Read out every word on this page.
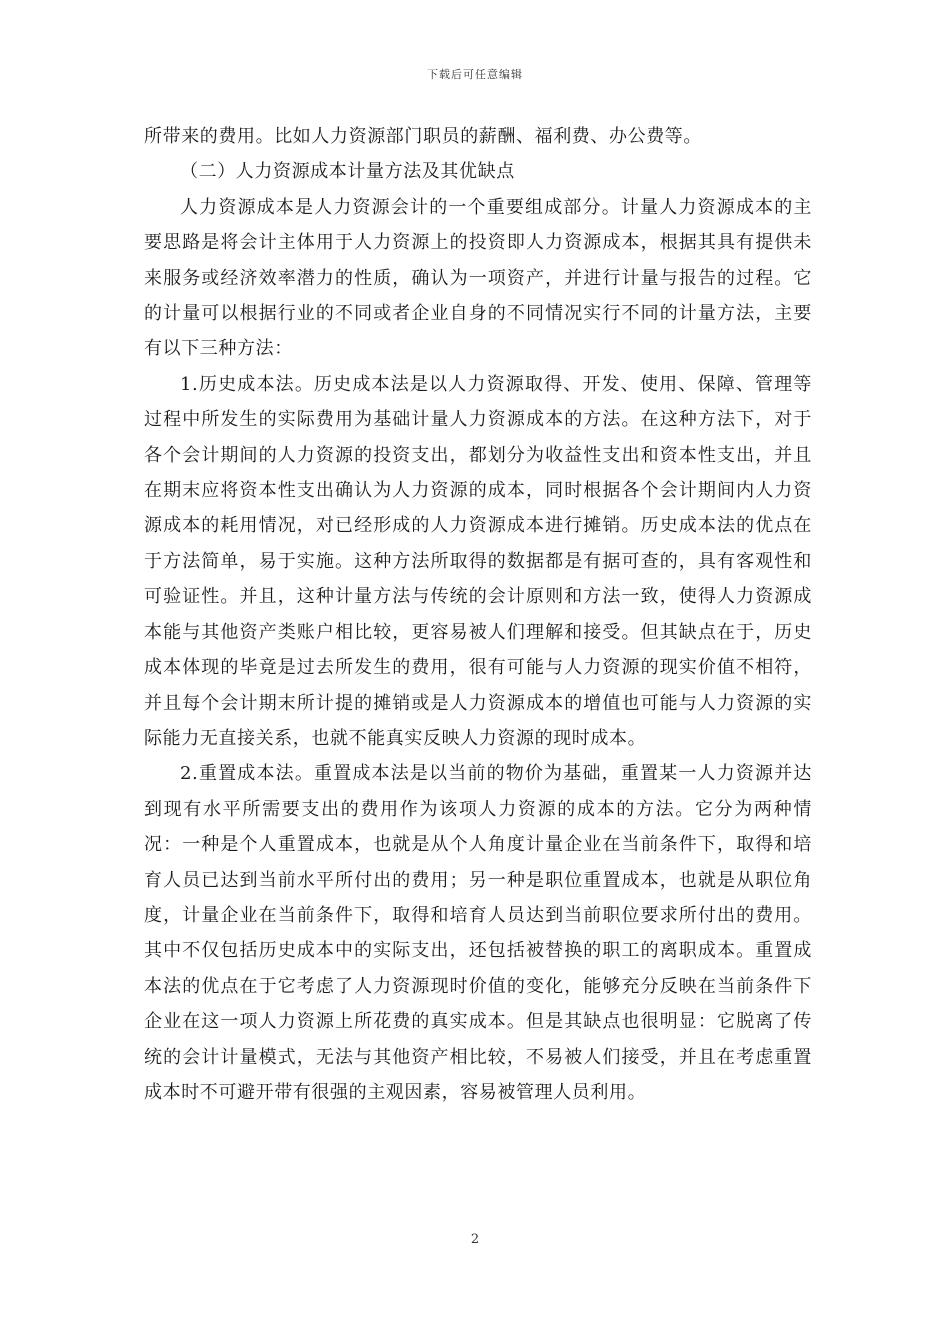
下载后可任意编辑

所带来的费用。比如人力资源部门职员的薪酬、福利费、办公费等。

（二）人力资源成本计量方法及其优缺点

人力资源成本是人力资源会计的一个重要组成部分。计量人力资源成本的主要思路是将会计主体用于人力资源上的投资即人力资源成本，根据其具有提供未来服务或经济效率潜力的性质，确认为一项资产，并进行计量与报告的过程。它的计量可以根据行业的不同或者企业自身的不同情况实行不同的计量方法，主要有以下三种方法：

1.历史成本法。历史成本法是以人力资源取得、开发、使用、保障、管理等过程中所发生的实际费用为基础计量人力资源成本的方法。在这种方法下，对于各个会计期间的人力资源的投资支出，都划分为收益性支出和资本性支出，并且在期末应将资本性支出确认为人力资源的成本，同时根据各个会计期间内人力资源成本的耗用情况，对已经形成的人力资源成本进行摊销。历史成本法的优点在于方法简单，易于实施。这种方法所取得的数据都是有据可查的，具有客观性和可验证性。并且，这种计量方法与传统的会计原则和方法一致，使得人力资源成本能与其他资产类账户相比较，更容易被人们理解和接受。但其缺点在于，历史成本体现的毕竟是过去所发生的费用，很有可能与人力资源的现实价值不相符，并且每个会计期末所计提的摊销或是人力资源成本的增值也可能与人力资源的实际能力无直接关系，也就不能真实反映人力资源的现时成本。

2.重置成本法。重置成本法是以当前的物价为基础，重置某一人力资源并达到现有水平所需要支出的费用作为该项人力资源的成本的方法。它分为两种情况：一种是个人重置成本，也就是从个人角度计量企业在当前条件下，取得和培育人员已达到当前水平所付出的费用；另一种是职位重置成本，也就是从职位角度，计量企业在当前条件下，取得和培育人员达到当前职位要求所付出的费用。其中不仅包括历史成本中的实际支出，还包括被替换的职工的离职成本。重置成本法的优点在于它考虑了人力资源现时价值的变化，能够充分反映在当前条件下企业在这一项人力资源上所花费的真实成本。但是其缺点也很明显：它脱离了传统的会计计量模式，无法与其他资产相比较，不易被人们接受，并且在考虑重置成本时不可避开带有很强的主观因素，容易被管理人员利用。

2
